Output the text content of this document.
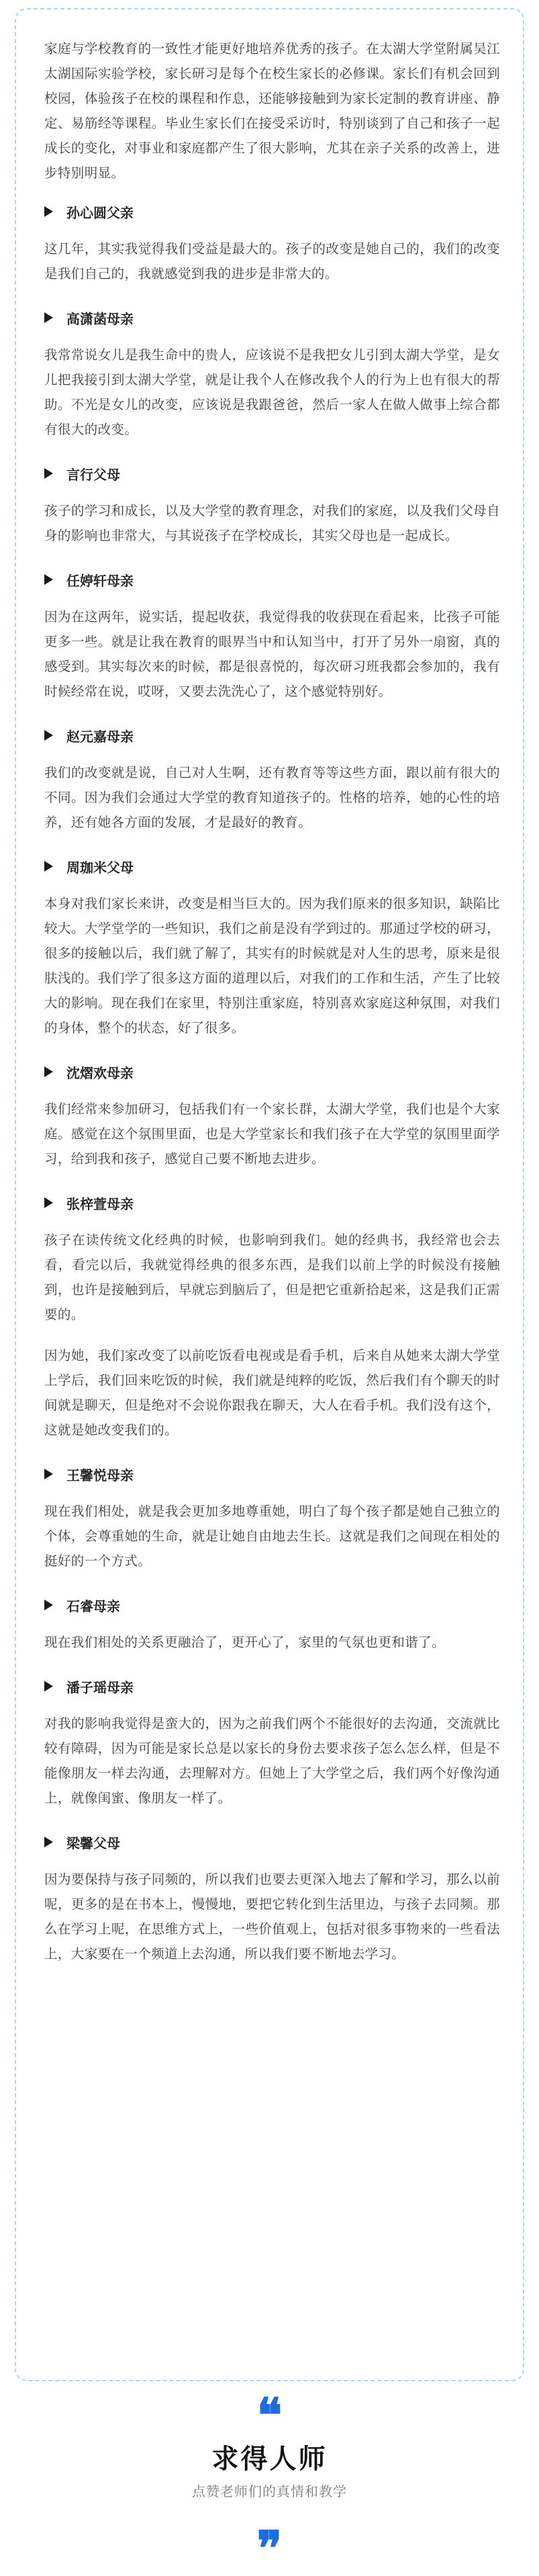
家庭与学校教育的一致性才能更好地培养优秀的孩子。在太湖大学堂附属吴江太湖国际实验学校，家长研习是每个在校生家长的必修课。家长们有机会回到校园，体验孩子在校的课程和作息，还能够接触到为家长定制的教育讲座、静定、易筋经等课程。毕业生家长们在接受采访时，特别谈到了自己和孩子一起成长的变化，对事业和家庭都产生了很大影响，尤其在亲子关系的改善上，进步特别明显。

孙心圆父亲

这几年，其实我觉得我们受益是最大的。孩子的改变是她自己的，我们的改变是我们自己的，我就感觉到我的进步是非常大的。

高潇菡母亲

我常常说女儿是我生命中的贵人，应该说不是我把女儿引到太湖大学堂，是女儿把我接引到太湖大学堂，就是让我个人在修改我个人的行为上也有很大的帮助。不光是女儿的改变，应该说是我跟爸爸，然后一家人在做人做事上综合都有很大的改变。

言行父母

孩子的学习和成长，以及大学堂的教育理念，对我们的家庭，以及我们父母自身的影响也非常大，与其说孩子在学校成长，其实父母也是一起成长。

任婷轩母亲

因为在这两年，说实话，提起收获，我觉得我的收获现在看起来，比孩子可能更多一些。就是让我在教育的眼界当中和认知当中，打开了另外一扇窗，真的感受到。其实每次来的时候，都是很喜悦的，每次研习班我都会参加的，我有时候经常在说，哎呀，又要去洗洗心了，这个感觉特别好。

赵元嘉母亲

我们的改变就是说，自己对人生啊，还有教育等等这些方面，跟以前有很大的不同。因为我们会通过大学堂的教育知道孩子的。性格的培养，她的心性的培养，还有她各方面的发展，才是最好的教育。

周珈米父母

本身对我们家长来讲，改变是相当巨大的。因为我们原来的很多知识，缺陷比较大。大学堂学的一些知识，我们之前是没有学到过的。那通过学校的研习，很多的接触以后，我们就了解了，其实有的时候就是对人生的思考，原来是很肤浅的。我们学了很多这方面的道理以后，对我们的工作和生活，产生了比较大的影响。现在我们在家里，特别注重家庭，特别喜欢家庭这种氛围，对我们的身体，整个的状态，好了很多。

沈熠欢母亲

我们经常来参加研习，包括我们有一个家长群，太湖大学堂，我们也是个大家庭。感觉在这个氛围里面，也是大学堂家长和我们孩子在大学堂的氛围里面学习，给到我和孩子，感觉自己要不断地去进步。

张梓萱母亲

孩子在读传统文化经典的时候，也影响到我们。她的经典书，我经常也会去看，看完以后，我就觉得经典的很多东西，是我们以前上学的时候没有接触到，也许是接触到后，早就忘到脑后了，但是把它重新拾起来，这是我们正需要的。

因为她，我们家改变了以前吃饭看电视或是看手机，后来自从她来太湖大学堂上学后，我们回来吃饭的时候，我们就是纯粹的吃饭，然后我们有个聊天的时间就是聊天，但是绝对不会说你跟我在聊天，大人在看手机。我们没有这个，这就是她改变我们的。

王馨悦母亲

现在我们相处，就是我会更加多地尊重她，明白了每个孩子都是她自己独立的个体，会尊重她的生命，就是让她自由地去生长。这就是我们之间现在相处的挺好的一个方式。

石睿母亲

现在我们相处的关系更融洽了，更开心了，家里的气氛也更和谐了。

潘子瑶母亲

对我的影响我觉得是蛮大的，因为之前我们两个不能很好的去沟通，交流就比较有障碍，因为可能是家长总是以家长的身份去要求孩子怎么怎么样，但是不能像朋友一样去沟通，去理解对方。但她上了大学堂之后，我们两个好像沟通上，就像闺蜜、像朋友一样了。

梁馨父母

因为要保持与孩子同频的，所以我们也要去更深入地去了解和学习，那么以前呢，更多的是在书本上，慢慢地，要把它转化到生活里边，与孩子去同频。那么在学习上呢，在思维方式上，一些价值观上，包括对很多事物来的一些看法上，大家要在一个频道上去沟通，所以我们要不断地去学习。

❝
求得人师
点赞老师们的真情和教学
❞
